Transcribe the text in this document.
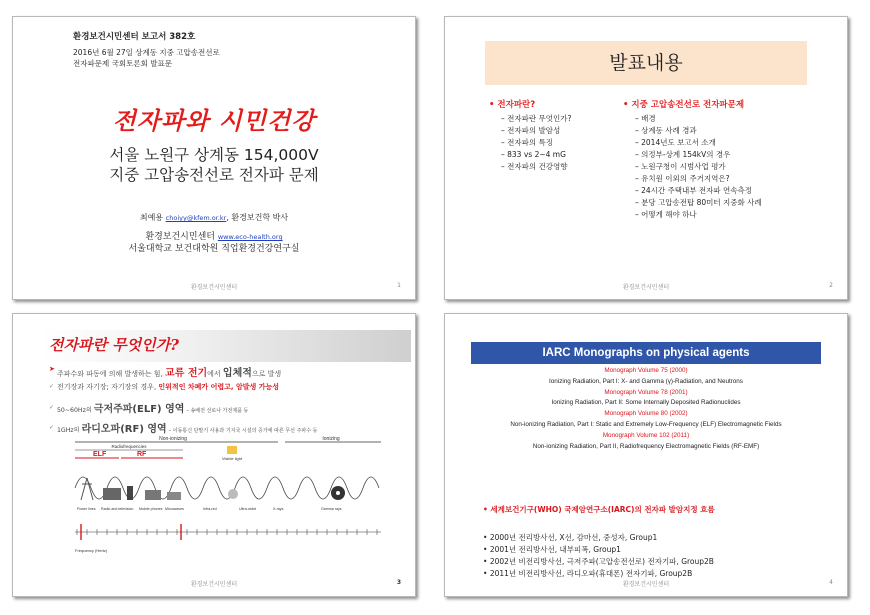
환경보건시민센터 보고서 382호
2016년 6월 27일 상계동 지중 고압송전선로
전자파문제 국회토론회 발표문
전자파와 시민건강
서울 노원구 상계동 154,000V
지중 고압송전선로 전자파 문제
최예용 choiyy@kfem.or.kr, 환경보건학 박사
환경보건시민센터 www.eco-health.org
서울대학교 보건대학원 직업환경건강연구실
환경보건시민센터	1
발표내용
• 전자파란?
– 전자파란 무엇인가?
– 전자파의 발암성
– 전자파의 특징
– 833 vs 2~4 mG
– 전자파의 건강영향
• 지중 고압송전선로 전자파문제
– 배경
– 상계동 사례 경과
– 2014년도 보고서 소개
– 의정부-상계 154kV의 경우
– 노원구청이 시범사업 평가
– 유치원 이외의 주거지역은?
– 24시간 주택내부 전자파 연속측정
– 분당 고압송전탑 80미터 지중화 사례
– 어떻게 해야 하나
환경보건시민센터	2
전자파란 무엇인가?
➤
주파수와 파동에 의해 발생하는 힘, 교류 전기에서 입체적으로 발생
✓ 전기장과 자기장; 자기장의 경우, 인위적인 차폐가 어렵고, 암발생 가능성
✓ 50~60Hz의 극저주파(ELF) 영역 – 송배전 선로나 가전제품 등
✓ 1GHz의 라디오파(RF) 영역 – 이동통신 단말기 사용과 기지국 시설의 증가에 따른 무선 주파수 등
Non-ionizing	Ionizing
Radiofrequencies
ELF	RF
Visible light
Power lines Radio and television Mobile phones Microwaves	Infra-red	Ultra-violet	X-rays	Gamma rays
Frequency (Hertz)
환경보건시민센터	3
IARC Monographs on physical agents
Monograph Volume 75 (2000)
Ionizing Radiation, Part I: X- and Gamma (γ)-Radiation, and Neutrons
Monograph Volume 78 (2001)
Ionizing Radiation, Part II: Some Internally Deposited Radionuclides
Monograph Volume 80 (2002)
Non-ionizing Radiation, Part I: Static and Extremely Low-Frequency (ELF) Electromagnetic Fields
Monograph Volume 102 (2011)
Non-ionizing Radiation, Part II, Radiofrequency Electromagnetic Fields (RF-EMF)
• 세계보건기구(WHO) 국제암연구소(IARC)의 전자파 발암지정 흐름
• 2000년 전리방사선, X선, 감마선, 중성자, Group1
• 2001년 전리방사선, 내부피폭, Group1
• 2002년 비전리방사선, 극저주파(고압송전선로) 전자기파, Group2B
• 2011년 비전리방사선, 라디오파(휴대폰) 전자기파, Group2B
환경보건시민센터	4
